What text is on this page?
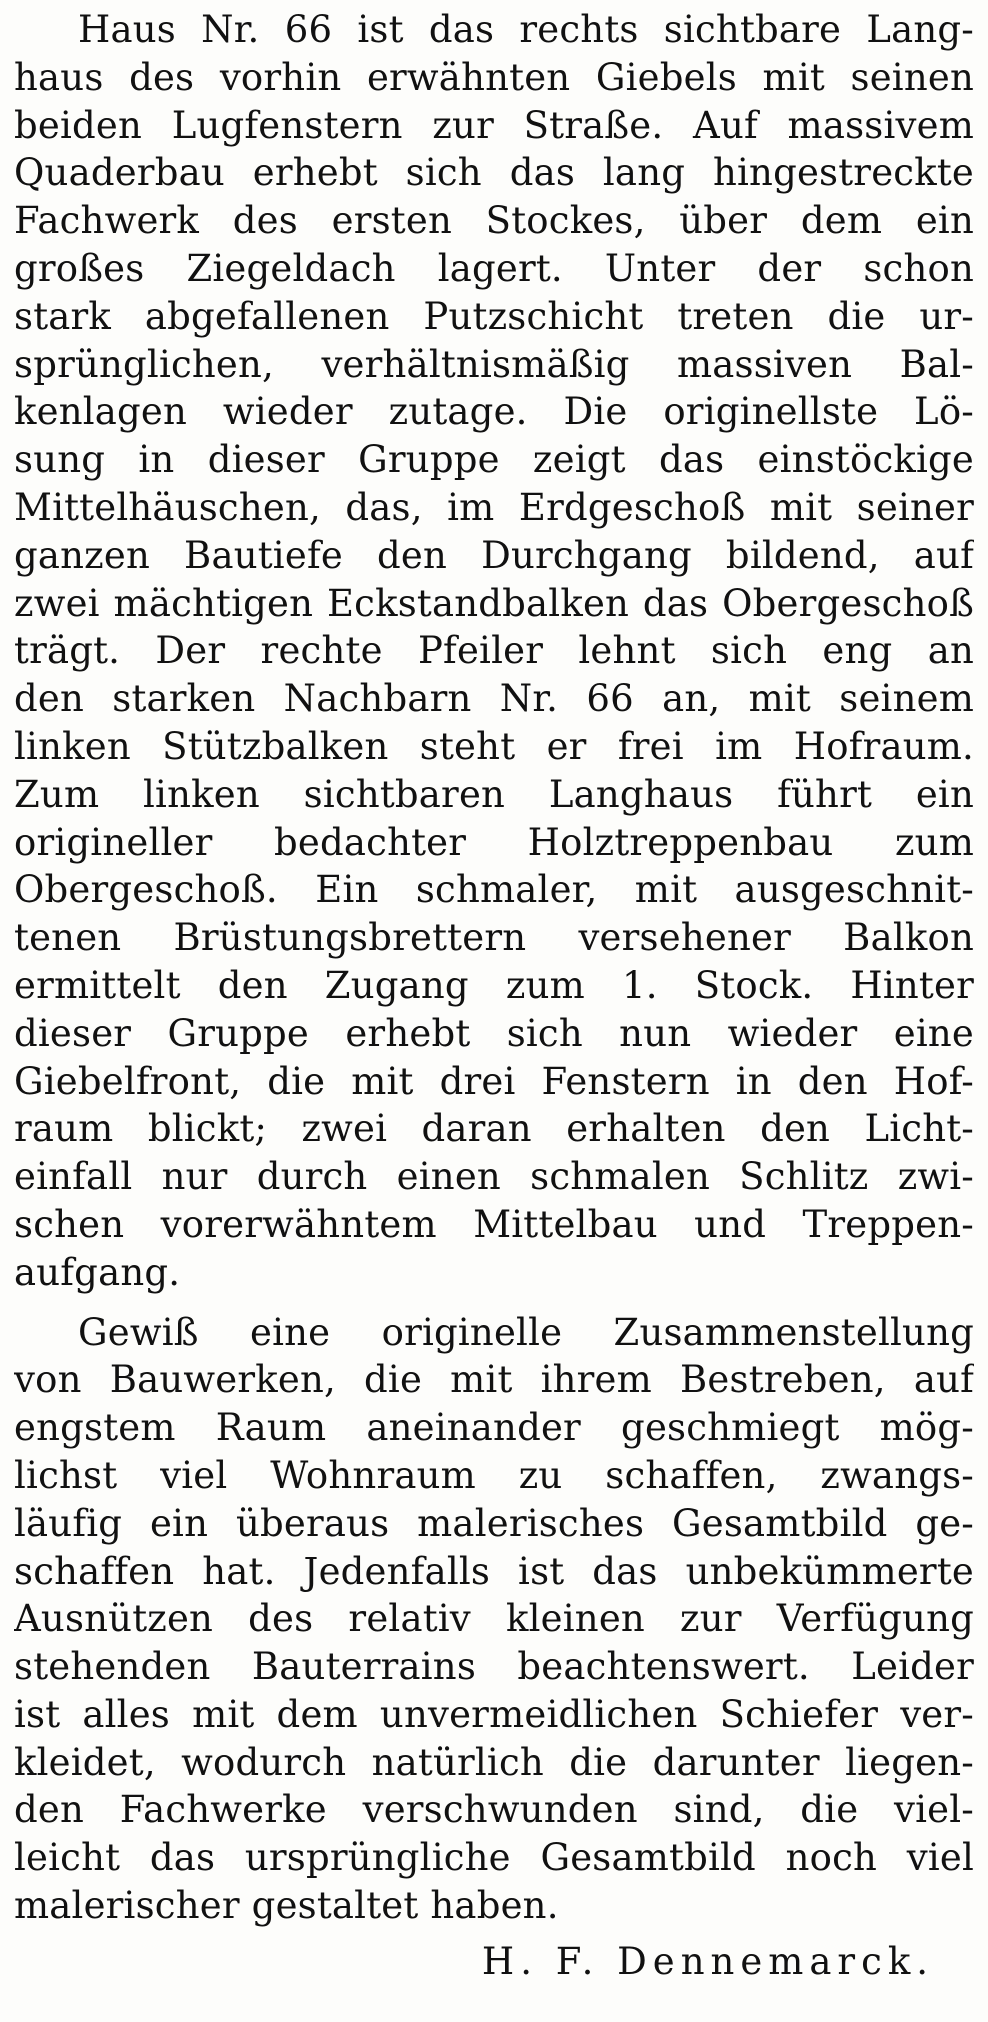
Haus Nr. 66 ist das rechts sichtbare Lang-
haus des vorhin erwähnten Giebels mit seinen
beiden Lugfenstern zur Straße. Auf massivem
Quaderbau erhebt sich das lang hingestreckte
Fachwerk des ersten Stockes, über dem ein
großes Ziegeldach lagert. Unter der schon
stark abgefallenen Putzschicht treten die ur-
sprünglichen, verhältnismäßig massiven Bal-
kenlagen wieder zutage. Die originellste Lö-
sung in dieser Gruppe zeigt das einstöckige
Mittelhäuschen, das, im Erdgeschoß mit seiner
ganzen Bautiefe den Durchgang bildend, auf
zwei mächtigen Eckstandbalken das Obergeschoß
trägt. Der rechte Pfeiler lehnt sich eng an
den starken Nachbarn Nr. 66 an, mit seinem
linken Stützbalken steht er frei im Hofraum.
Zum linken sichtbaren Langhaus führt ein
origineller bedachter Holztreppenbau zum
Obergeschoß. Ein schmaler, mit ausgeschnit-
tenen Brüstungsbrettern versehener Balkon
ermittelt den Zugang zum 1. Stock. Hinter
dieser Gruppe erhebt sich nun wieder eine
Giebelfront, die mit drei Fenstern in den Hof-
raum blickt; zwei daran erhalten den Licht-
einfall nur durch einen schmalen Schlitz zwi-
schen vorerwähntem Mittelbau und Treppen-
aufgang.
Gewiß eine originelle Zusammenstellung
von Bauwerken, die mit ihrem Bestreben, auf
engstem Raum aneinander geschmiegt mög-
lichst viel Wohnraum zu schaffen, zwangs-
läufig ein überaus malerisches Gesamtbild ge-
schaffen hat. Jedenfalls ist das unbekümmerte
Ausnützen des relativ kleinen zur Verfügung
stehenden Bauterrains beachtenswert. Leider
ist alles mit dem unvermeidlichen Schiefer ver-
kleidet, wodurch natürlich die darunter liegen-
den Fachwerke verschwunden sind, die viel-
leicht das ursprüngliche Gesamtbild noch viel
malerischer gestaltet haben.
H. F. Dennemarck.
